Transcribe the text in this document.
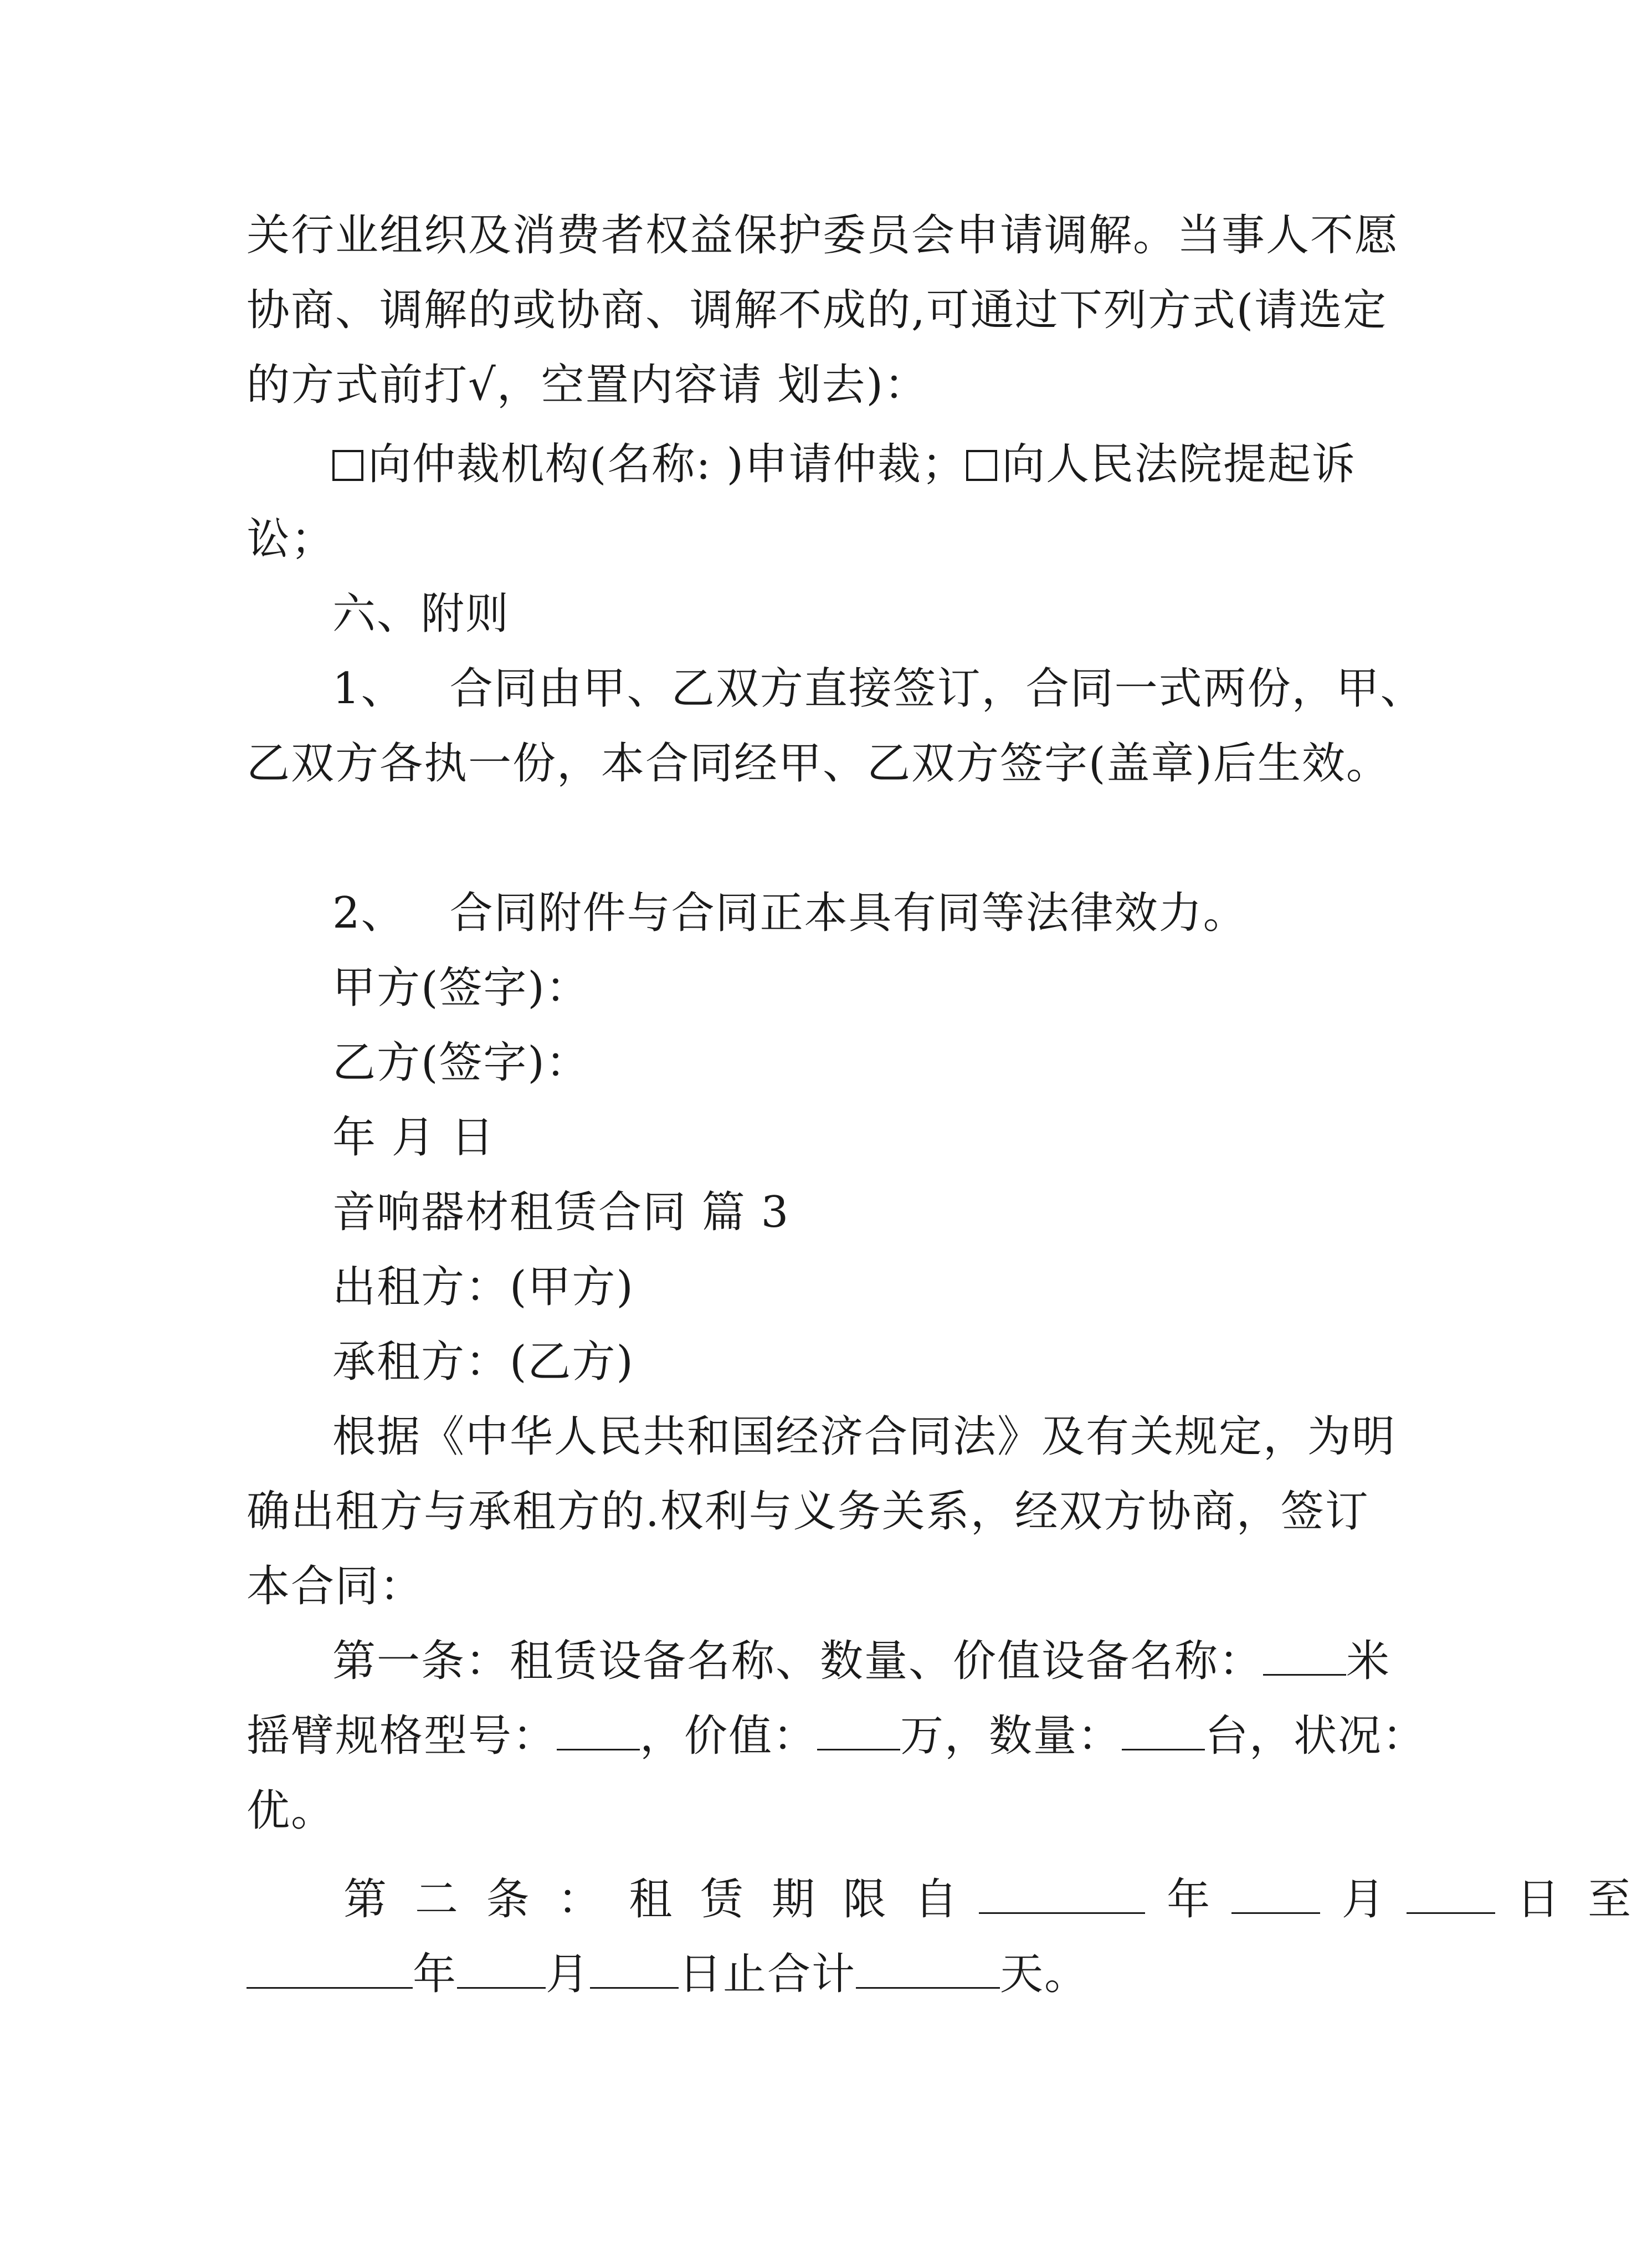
关行业组织及消费者权益保护委员会申请调解。当事人不愿
协商、调解的或协商、调解不成的,可通过下列方式(请选定
的方式前打√，空置内容请 划去)：
向仲裁机构(名称: )申请仲裁； 向人民法院提起诉
讼；
六、附则
1、 合同由甲、乙双方直接签订，合同一式两份，甲、
乙双方各执一份，本合同经甲、乙双方签字(盖章)后生效。
2、 合同附件与合同正本具有同等法律效力。
甲方(签字)：
乙方(签字)：
年 月 日
音响器材租赁合同 篇 3
出租方：(甲方)
承租方：(乙方)
根据《中华人民共和国经济合同法》及有关规定，为明
确出租方与承租方的.权利与义务关系，经双方协商，签订
本合同：
第一条：租赁设备名称、数量、价值设备名称： 米
摇臂规格型号： ，价值： 万，数量： 台，状况：
优。
第 二 条 ： 租 赁 期 限 自	年	月	日 至
年 月 日止合计	天。
